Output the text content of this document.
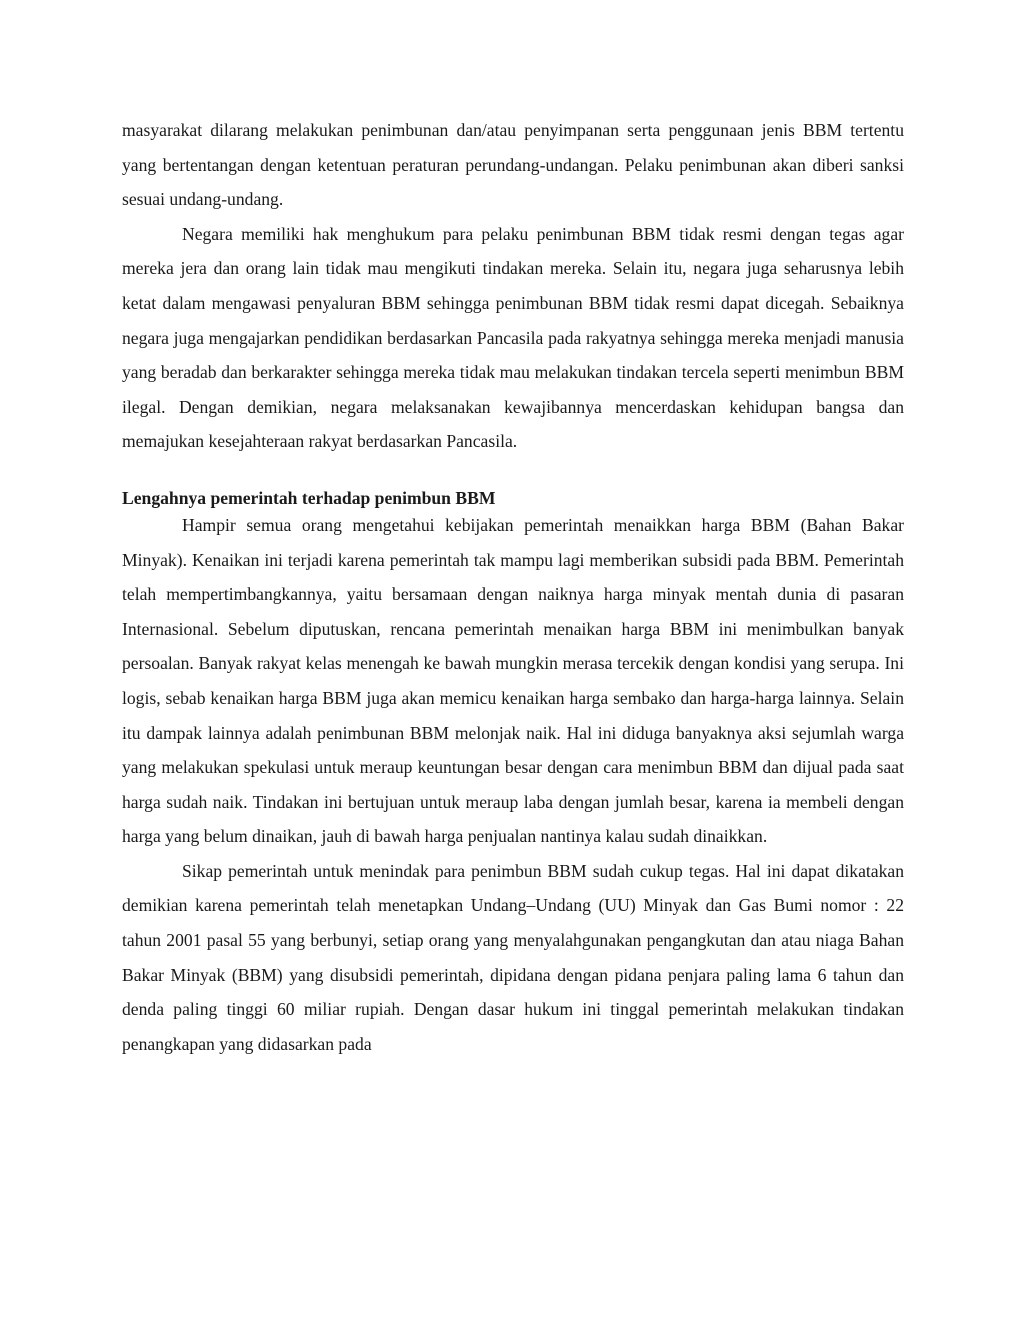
masyarakat dilarang melakukan penimbunan dan/atau penyimpanan serta penggunaan jenis BBM tertentu yang bertentangan dengan ketentuan peraturan perundang-undangan. Pelaku penimbunan akan diberi sanksi sesuai undang-undang.

Negara memiliki hak menghukum para pelaku penimbunan BBM tidak resmi dengan tegas agar mereka jera dan orang lain tidak mau mengikuti tindakan mereka. Selain itu, negara juga seharusnya lebih ketat dalam mengawasi penyaluran BBM sehingga penimbunan BBM tidak resmi dapat dicegah. Sebaiknya negara juga mengajarkan pendidikan berdasarkan Pancasila pada rakyatnya sehingga mereka menjadi manusia yang beradab dan berkarakter sehingga mereka tidak mau melakukan tindakan tercela seperti menimbun BBM ilegal. Dengan demikian, negara melaksanakan kewajibannya mencerdaskan kehidupan bangsa dan memajukan kesejahteraan rakyat berdasarkan Pancasila.

Lengahnya pemerintah terhadap penimbun BBM

Hampir semua orang mengetahui kebijakan pemerintah menaikkan harga BBM (Bahan Bakar Minyak). Kenaikan ini terjadi karena pemerintah tak mampu lagi memberikan subsidi pada BBM. Pemerintah telah mempertimbangkannya, yaitu bersamaan dengan naiknya harga minyak mentah dunia di pasaran Internasional. Sebelum diputuskan, rencana pemerintah menaikan harga BBM ini menimbulkan banyak persoalan. Banyak rakyat kelas menengah ke bawah mungkin merasa tercekik dengan kondisi yang serupa. Ini logis, sebab kenaikan harga BBM juga akan memicu kenaikan harga sembako dan harga-harga lainnya. Selain itu dampak lainnya adalah penimbunan BBM melonjak naik. Hal ini diduga banyaknya aksi sejumlah warga yang melakukan spekulasi untuk meraup keuntungan besar dengan cara menimbun BBM dan dijual pada saat harga sudah naik. Tindakan ini bertujuan untuk meraup laba dengan jumlah besar, karena ia membeli dengan harga yang belum dinaikan, jauh di bawah harga penjualan nantinya kalau sudah dinaikkan.

Sikap pemerintah untuk menindak para penimbun BBM sudah cukup tegas. Hal ini dapat dikatakan demikian karena pemerintah telah menetapkan Undang–Undang (UU) Minyak dan Gas Bumi nomor : 22 tahun 2001 pasal 55 yang berbunyi, setiap orang yang menyalahgunakan pengangkutan dan atau niaga Bahan Bakar Minyak (BBM) yang disubsidi pemerintah, dipidana dengan pidana penjara paling lama 6 tahun dan denda paling tinggi 60 miliar rupiah. Dengan dasar hukum ini tinggal pemerintah melakukan tindakan penangkapan yang didasarkan pada
